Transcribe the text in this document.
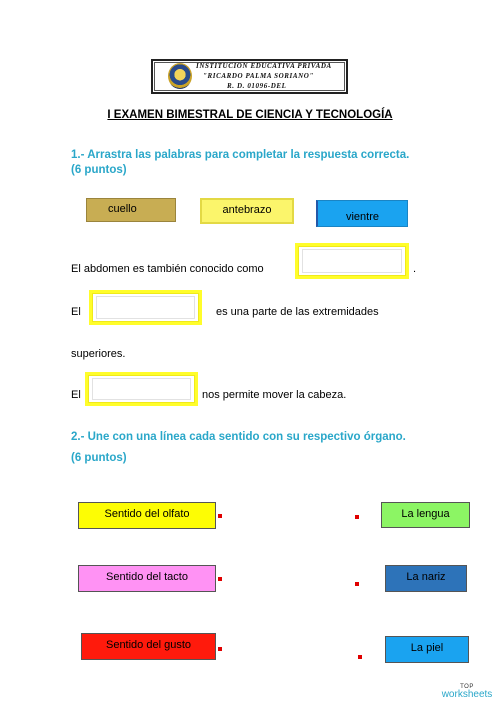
INSTITUCION EDUCATIVA PRIVADA
"RICARDO PALMA SORIANO"
R. D. 01096-DEL
I EXAMEN BIMESTRAL DE CIENCIA Y TECNOLOGÍA
1.- Arrastra las palabras para completar la respuesta correcta.
(6 puntos)
cuello	antebrazo
vientre
El abdomen es también conocido como	.
El	es una parte de las extremidades
superiores.
El	nos permite mover la cabeza.
2.- Une con una línea cada sentido con su respectivo órgano.
(6 puntos)
Sentido del olfato
Sentido del tacto
Sentido del gusto
La lengua
La nariz
La piel
TOP
worksheets
